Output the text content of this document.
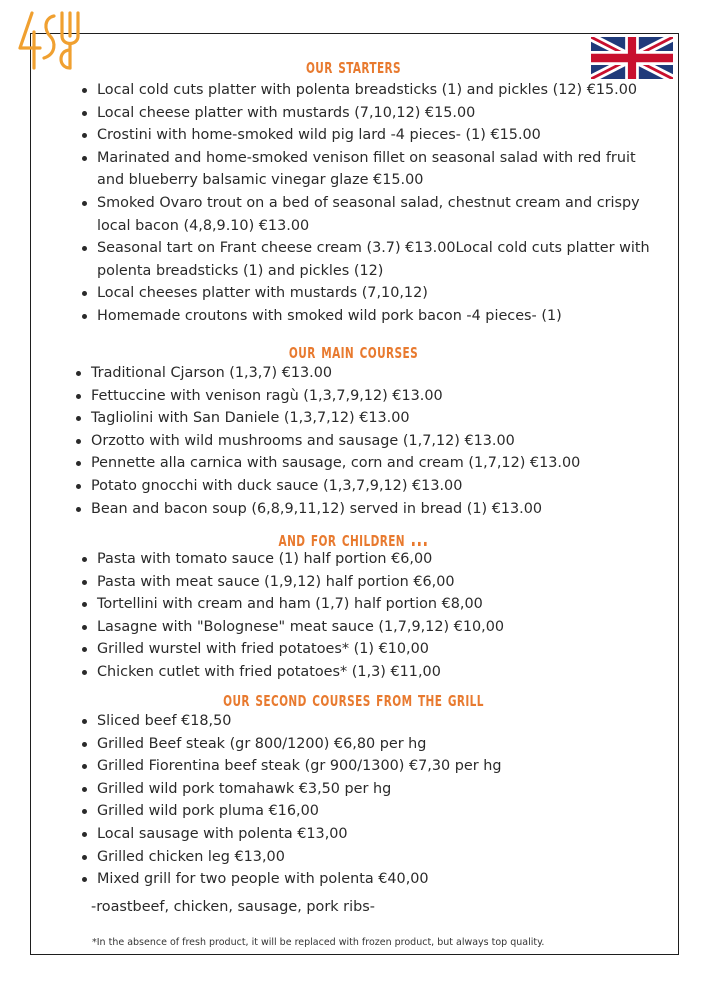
our starters
Local cold cuts platter with polenta breadsticks (1) and pickles (12) €15.00
Local cheese platter with mustards (7,10,12) €15.00
Crostini with home-smoked wild pig lard -4 pieces- (1) €15.00
Marinated and home-smoked venison fillet on seasonal salad with red fruit and blueberry balsamic vinegar glaze €15.00
Smoked Ovaro trout on a bed of seasonal salad, chestnut cream and crispy local bacon (4,8,9.10) €13.00
Seasonal tart on Frant cheese cream (3.7) €13.00Local cold cuts platter with polenta breadsticks (1) and pickles (12)
Local cheeses platter with mustards (7,10,12)
Homemade croutons with smoked wild pork bacon -4 pieces- (1)
our main courses
Traditional Cjarson (1,3,7) €13.00
Fettuccine with venison ragù (1,3,7,9,12) €13.00
Tagliolini with San Daniele (1,3,7,12) €13.00
Orzotto with wild mushrooms and sausage (1,7,12) €13.00
Pennette alla carnica with sausage, corn and cream (1,7,12) €13.00
Potato gnocchi with duck sauce (1,3,7,9,12) €13.00
Bean and bacon soup (6,8,9,11,12) served in bread (1) €13.00
and for children ...
Pasta with tomato sauce (1) half portion €6,00
Pasta with meat sauce (1,9,12) half portion €6,00
Tortellini with cream and ham (1,7) half portion €8,00
Lasagne with "Bolognese" meat sauce (1,7,9,12) €10,00
Grilled wurstel with fried potatoes* (1) €10,00
Chicken cutlet with fried potatoes* (1,3) €11,00
our second courses from the grill
Sliced beef €18,50
Grilled Beef steak (gr 800/1200) €6,80 per hg
Grilled Fiorentina beef steak (gr 900/1300) €7,30 per hg
Grilled wild pork tomahawk €3,50 per hg
Grilled wild pork pluma €16,00
Local sausage with polenta €13,00
Grilled chicken leg €13,00
Mixed grill for two people with polenta €40,00
-roastbeef, chicken, sausage, pork ribs-
*In the absence of fresh product, it will be replaced with frozen product, but always top quality.
